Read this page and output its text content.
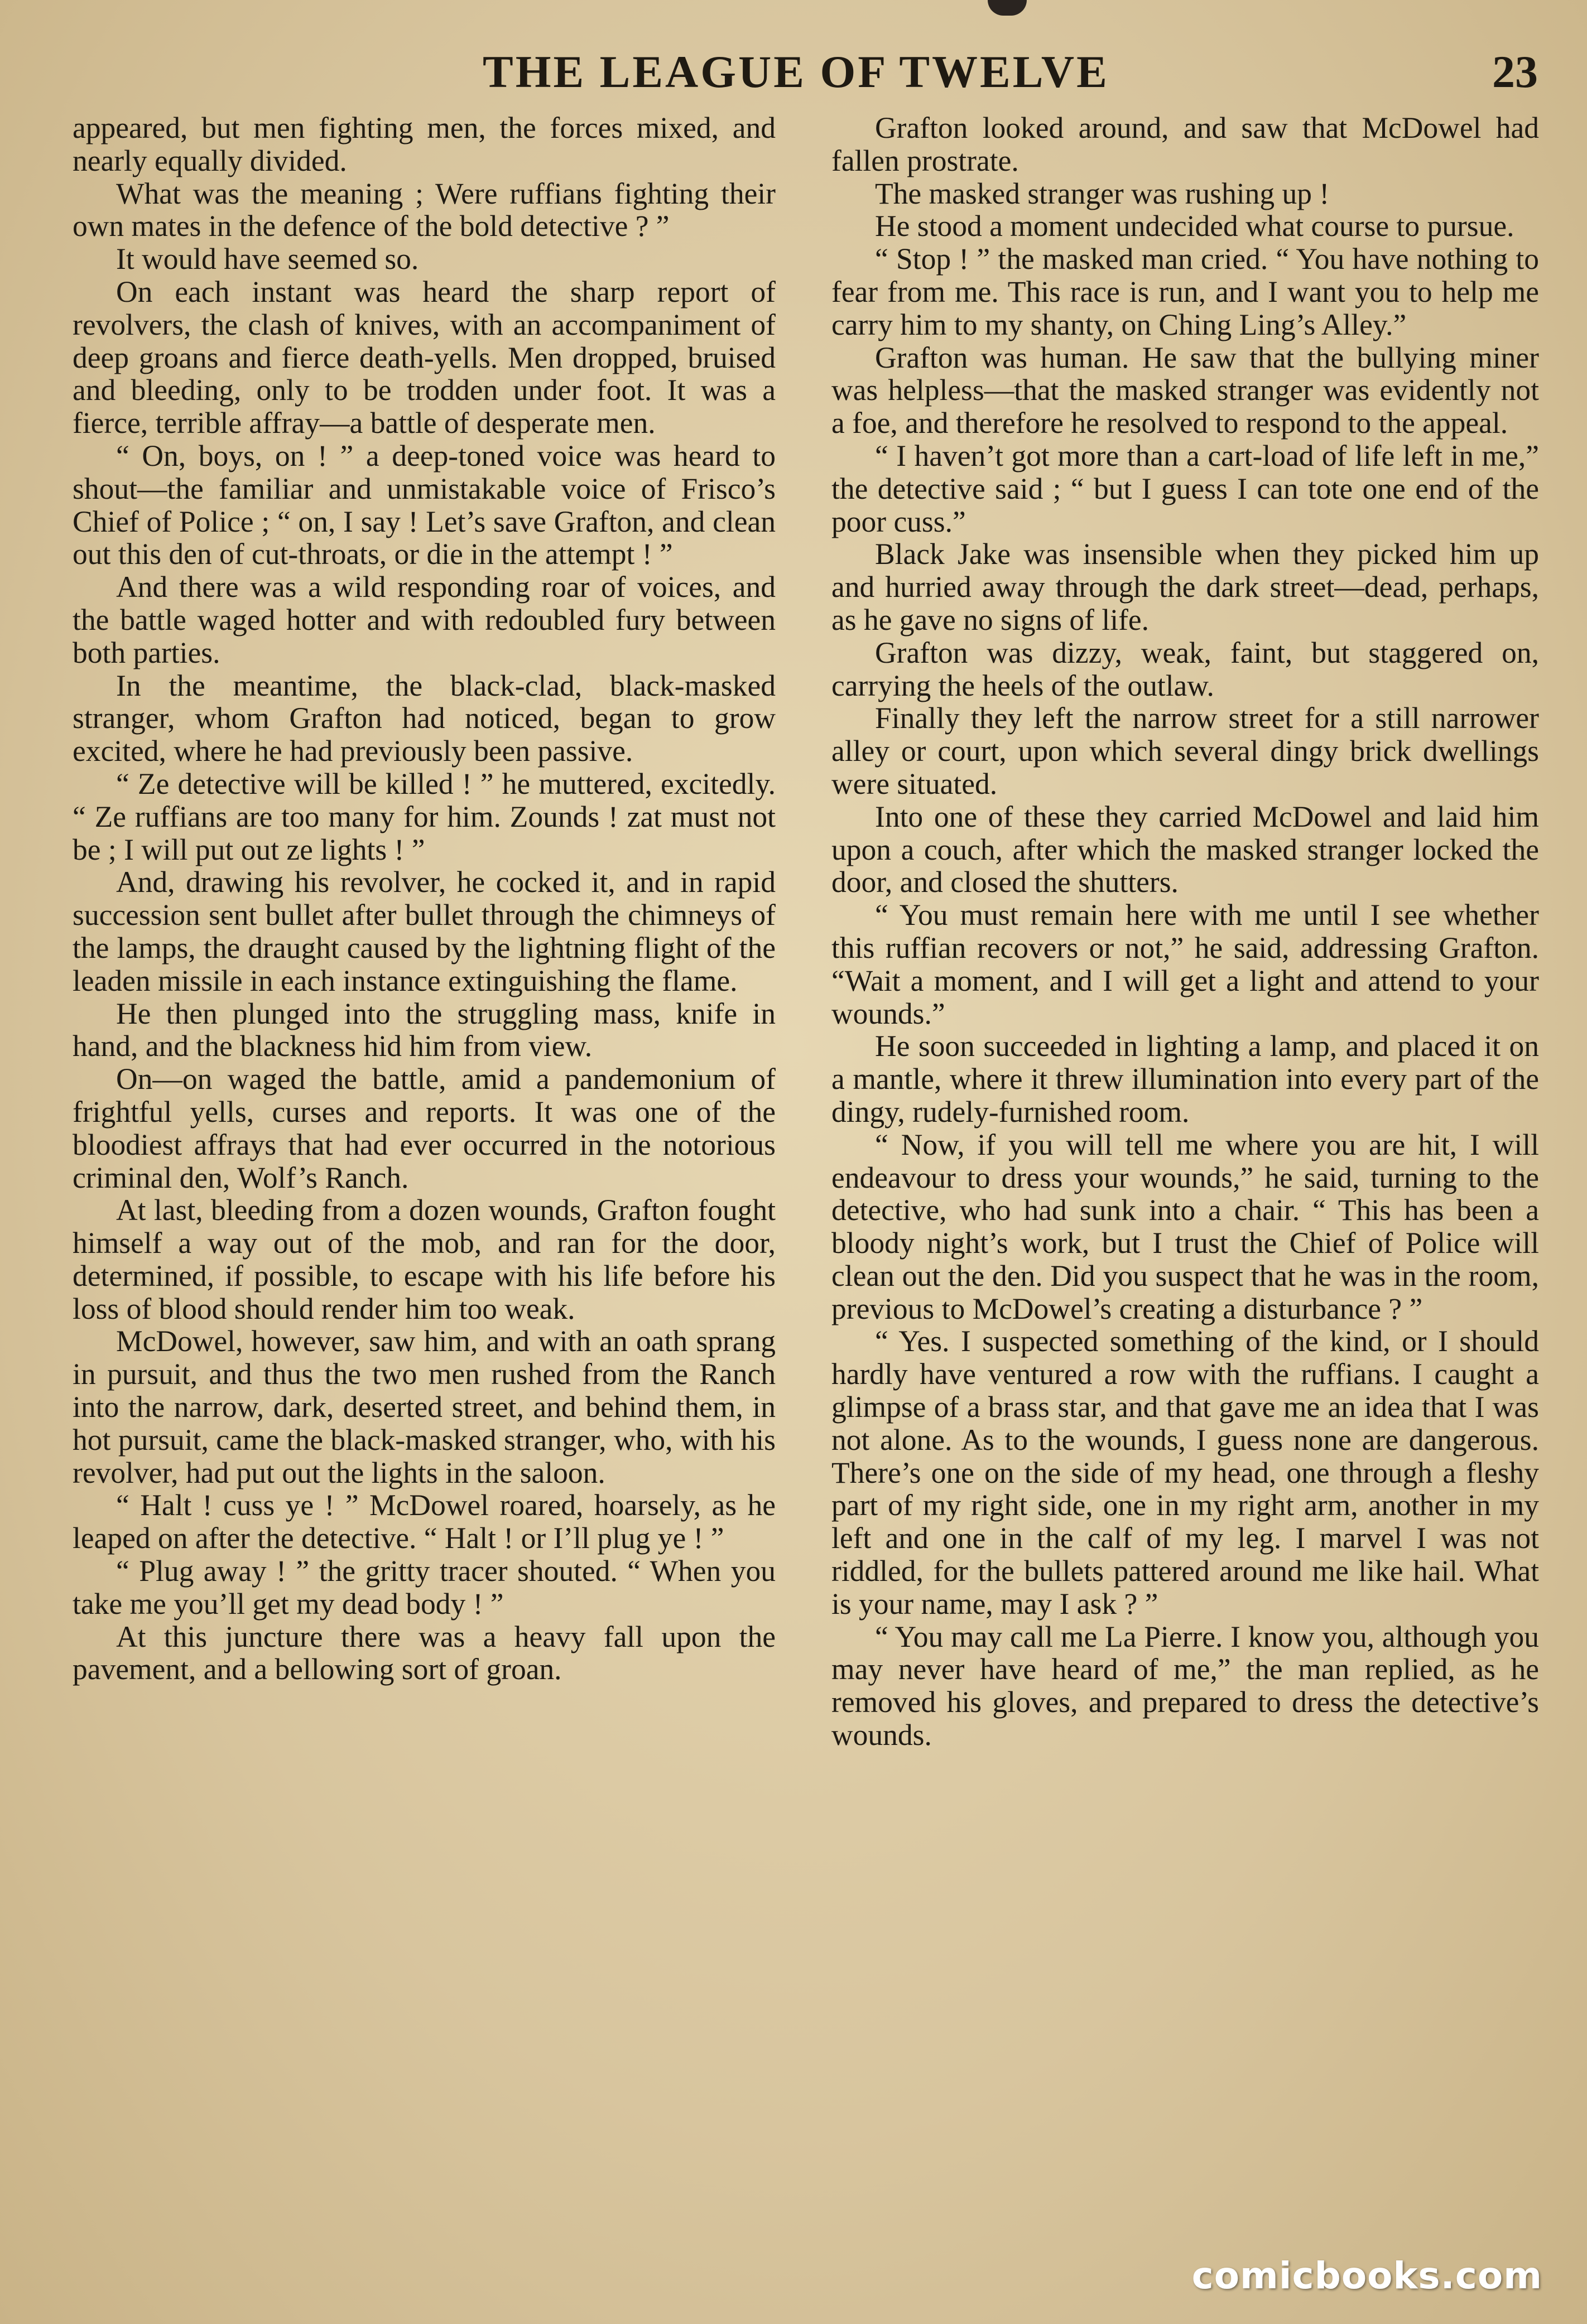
THE LEAGUE OF TWELVE	23

appeared, but men fighting men, the forces mixed, and nearly equally divided.

What was the meaning ; Were ruffians fighting their own mates in the defence of the bold detective ? ”

It would have seemed so.

On each instant was heard the sharp report of revolvers, the clash of knives, with an accompaniment of deep groans and fierce death-yells. Men dropped, bruised and bleeding, only to be trodden under foot. It was a fierce, terrible affray—a battle of desperate men.

“ On, boys, on ! ” a deep-toned voice was heard to shout—the familiar and unmistakable voice of Frisco’s Chief of Police ; “ on, I say ! Let’s save Grafton, and clean out this den of cut-throats, or die in the attempt ! ”

And there was a wild responding roar of voices, and the battle waged hotter and with redoubled fury between both parties.

In the meantime, the black-clad, black-masked stranger, whom Grafton had noticed, began to grow excited, where he had previously been passive.

“ Ze detective will be killed ! ” he muttered, excitedly. “ Ze ruffians are too many for him. Zounds ! zat must not be ; I will put out ze lights ! ”

And, drawing his revolver, he cocked it, and in rapid succession sent bullet after bullet through the chimneys of the lamps, the draught caused by the lightning flight of the leaden missile in each instance extinguishing the flame.

He then plunged into the struggling mass, knife in hand, and the blackness hid him from view.

On—on waged the battle, amid a pandemonium of frightful yells, curses and reports. It was one of the bloodiest affrays that had ever occurred in the notorious criminal den, Wolf’s Ranch.

At last, bleeding from a dozen wounds, Grafton fought himself a way out of the mob, and ran for the door, determined, if possible, to escape with his life before his loss of blood should render him too weak.

McDowel, however, saw him, and with an oath sprang in pursuit, and thus the two men rushed from the Ranch into the narrow, dark, deserted street, and behind them, in hot pursuit, came the black-masked stranger, who, with his revolver, had put out the lights in the saloon.

“ Halt ! cuss ye ! ” McDowel roared, hoarsely, as he leaped on after the detective. “ Halt ! or I’ll plug ye ! ”

“ Plug away ! ” the gritty tracer shouted. “ When you take me you’ll get my dead body ! ”

At this juncture there was a heavy fall upon the pavement, and a bellowing sort of groan.

Grafton looked around, and saw that McDowel had fallen prostrate.

The masked stranger was rushing up !

He stood a moment undecided what course to pursue.

“ Stop ! ” the masked man cried. “ You have nothing to fear from me. This race is run, and I want you to help me carry him to my shanty, on Ching Ling’s Alley.”

Grafton was human. He saw that the bullying miner was helpless—that the masked stranger was evidently not a foe, and therefore he resolved to respond to the appeal.

“ I haven’t got more than a cart-load of life left in me,” the detective said ; “ but I guess I can tote one end of the poor cuss.”

Black Jake was insensible when they picked him up and hurried away through the dark street—dead, perhaps, as he gave no signs of life.

Grafton was dizzy, weak, faint, but staggered on, carrying the heels of the outlaw.

Finally they left the narrow street for a still narrower alley or court, upon which several dingy brick dwellings were situated.

Into one of these they carried McDowel and laid him upon a couch, after which the masked stranger locked the door, and closed the shutters.

“ You must remain here with me until I see whether this ruffian recovers or not,” he said, addressing Grafton. “Wait a moment, and I will get a light and attend to your wounds.”

He soon succeeded in lighting a lamp, and placed it on a mantle, where it threw illumination into every part of the dingy, rudely-furnished room.

“ Now, if you will tell me where you are hit, I will endeavour to dress your wounds,” he said, turning to the detective, who had sunk into a chair. “ This has been a bloody night’s work, but I trust the Chief of Police will clean out the den. Did you suspect that he was in the room, previous to McDowel’s creating a disturbance ? ”

“ Yes. I suspected something of the kind, or I should hardly have ventured a row with the ruffians. I caught a glimpse of a brass star, and that gave me an idea that I was not alone. As to the wounds, I guess none are dangerous. There’s one on the side of my head, one through a fleshy part of my right side, one in my right arm, another in my left and one in the calf of my leg. I marvel I was not riddled, for the bullets pattered around me like hail. What is your name, may I ask ? ”

“ You may call me La Pierre. I know you, although you may never have heard of me,” the man replied, as he removed his gloves, and prepared to dress the detective’s wounds.

comicbooks.com
